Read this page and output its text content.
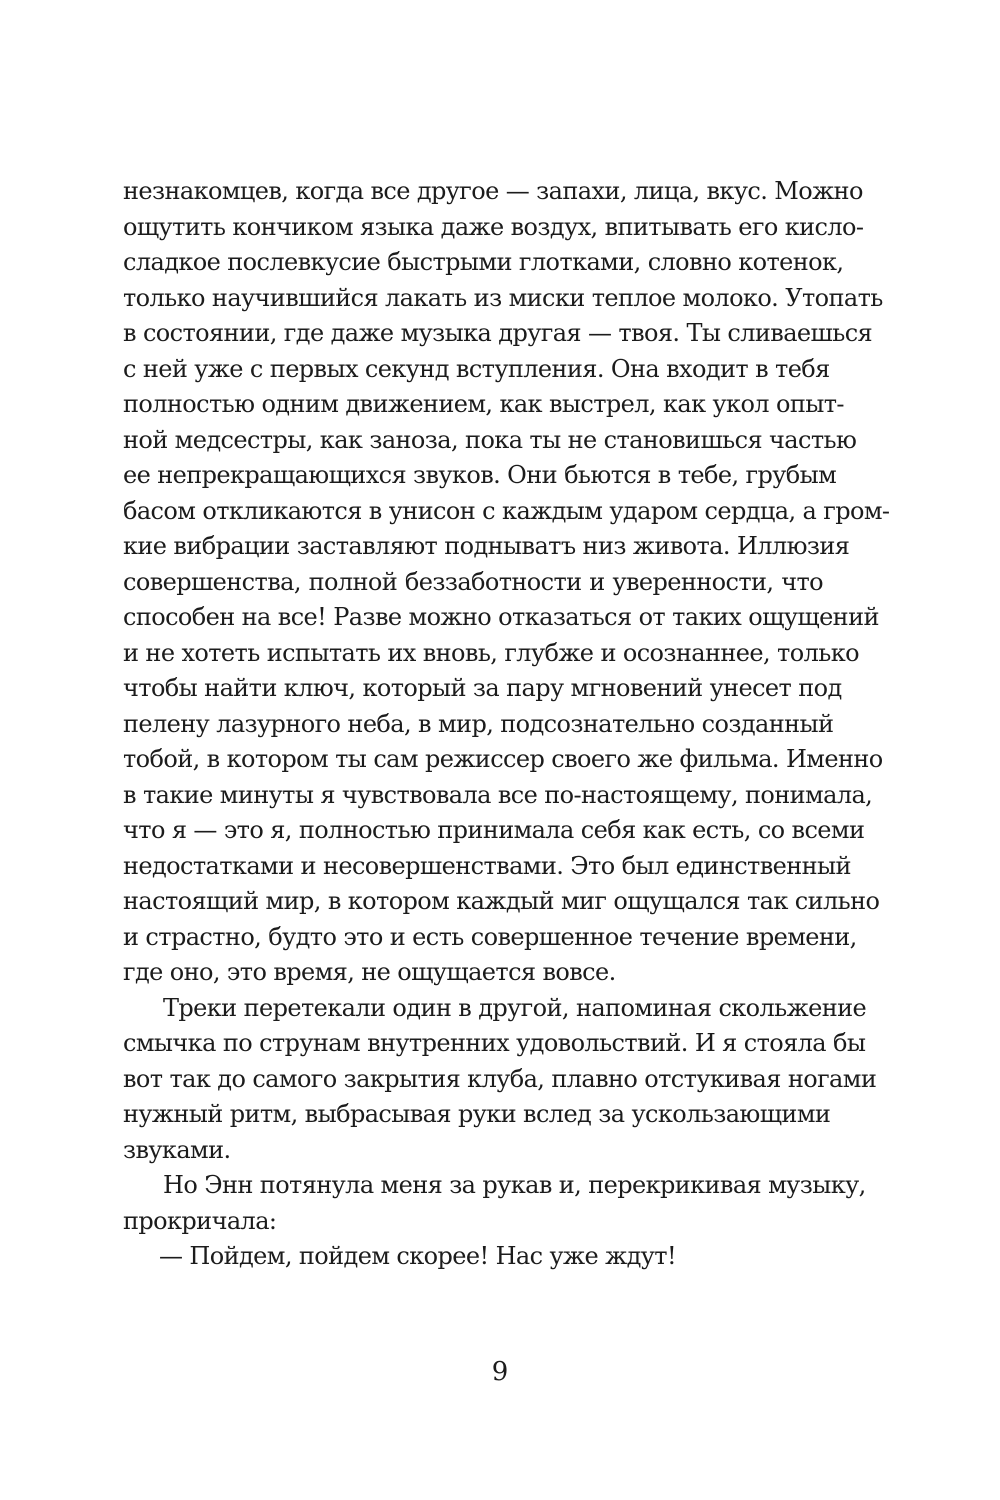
незнакомцев, когда все другое — запахи, лица, вкус. Можно
ощутить кончиком языка даже воздух, впитывать его кисло-
сладкое послевкусие быстрыми глотками, словно котенок,
только научившийся лакать из миски теплое молоко. Утопать
в состоянии, где даже музыка другая — твоя. Ты сливаешься
с ней уже с первых секунд вступления. Она входит в тебя
полностью одним движением, как выстрел, как укол опыт-
ной медсестры, как заноза, пока ты не становишься частью
ее непрекращающихся звуков. Они бьются в тебе, грубым
басом откликаются в унисон с каждым ударом сердца, а гром-
кие вибрации заставляют подныватъ низ живота. Иллюзия
совершенства, полной беззаботности и уверенности, что
способен на все! Разве можно отказаться от таких ощущений
и не хотеть испытать их вновь, глубже и осознаннее, только
чтобы найти ключ, который за пару мгновений унесет под
пелену лазурного неба, в мир, подсознательно созданный
тобой, в котором ты сам режиссер своего же фильма. Именно
в такие минуты я чувствовала все по-настоящему, понимала,
что я — это я, полностью принимала себя как есть, со всеми
недостатками и несовершенствами. Это был единственный
настоящий мир, в котором каждый миг ощущался так сильно
и страстно, будто это и есть совершенное течение времени,
где оно, это время, не ощущается вовсе.
Треки перетекали один в другой, напоминая скольжение
смычка по струнам внутренних удовольствий. И я стояла бы
вот так до самого закрытия клуба, плавно отстукивая ногами
нужный ритм, выбрасывая руки вслед за ускользающими
звуками.
Но Энн потянула меня за рукав и, перекрикивая музыку,
прокричала:
— Пойдем, пойдем скорее! Нас уже ждут!
9
